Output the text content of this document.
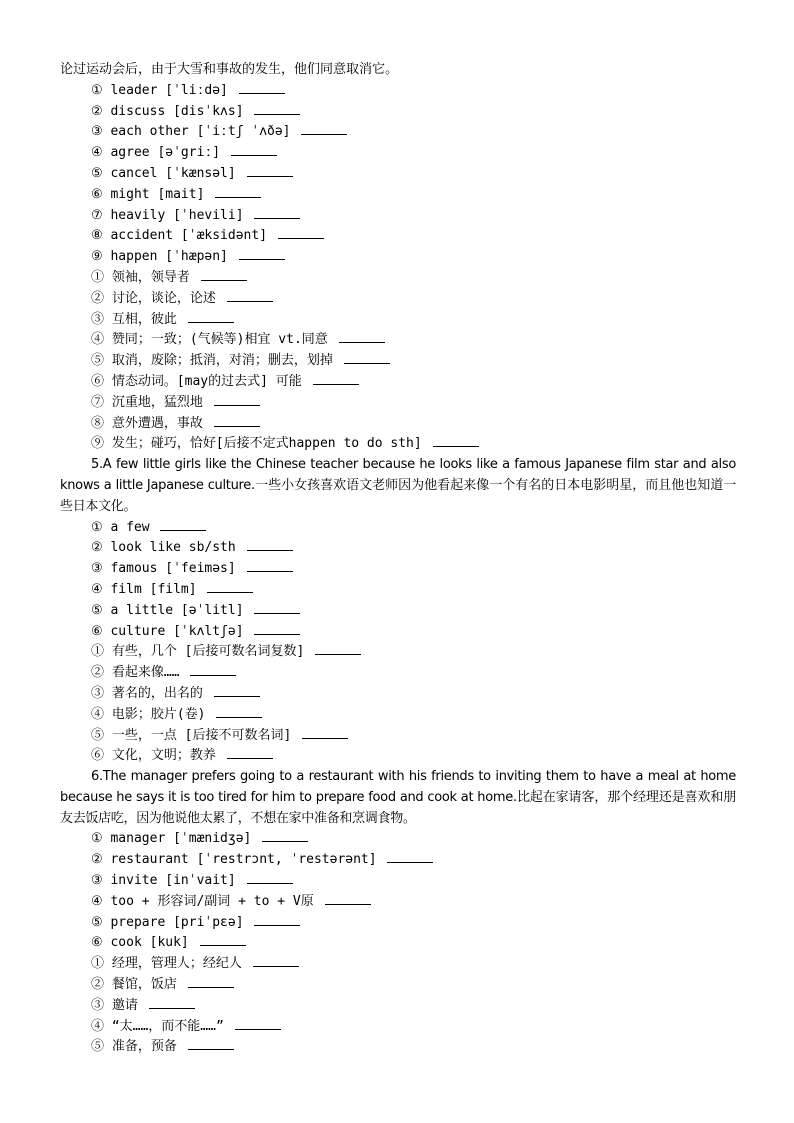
论过运动会后，由于大雪和事故的发生，他们同意取消它。
① leader [ˈliːdə]
② discuss [disˈkʌs]
③ each other [ˈiːtʃ ˈʌðə]
④ agree [əˈgriː]
⑤ cancel [ˈkænsəl]
⑥ might [mait]
⑦ heavily [ˈhevili]
⑧ accident [ˈæksidənt]
⑨ happen [ˈhæpən]
① 领袖，领导者
② 讨论，谈论，论述
③ 互相，彼此
④ 赞同；一致；(气候等)相宜 vt.同意
⑤ 取消，废除；抵消，对消；删去，划掉
⑥ 情态动词。[may的过去式] 可能
⑦ 沉重地，猛烈地
⑧ 意外遭遇，事故
⑨ 发生；碰巧，恰好[后接不定式happen to do sth]
5.A few little girls like the Chinese teacher because he looks like a famous Japanese film star and also knows a little Japanese culture.一些小女孩喜欢语文老师因为他看起来像一个有名的日本电影明星，而且他也知道一些日本文化。
① a few
② look like sb/sth
③ famous [ˈfeiməs]
④ film [film]
⑤ a little [əˈlitl]
⑥ culture [ˈkʌltʃə]
① 有些，几个 [后接可数名词复数]
② 看起来像……
③ 著名的，出名的
④ 电影；胶片(卷)
⑤ 一些，一点 [后接不可数名词]
⑥ 文化，文明；教养
6.The manager prefers going to a restaurant with his friends to inviting them to have a meal at home because he says it is too tired for him to prepare food and cook at home.比起在家请客，那个经理还是喜欢和朋友去饭店吃，因为他说他太累了，不想在家中准备和烹调食物。
① manager [ˈmænidʒə]
② restaurant [ˈrestrɔnt, ˈrestərənt]
③ invite [inˈvait]
④ too + 形容词/副词 + to + V原
⑤ prepare [priˈpɛə]
⑥ cook [kuk]
① 经理，管理人；经纪人
② 餐馆，饭店
③ 邀请
④ “太……，而不能……”
⑤ 准备，预备
